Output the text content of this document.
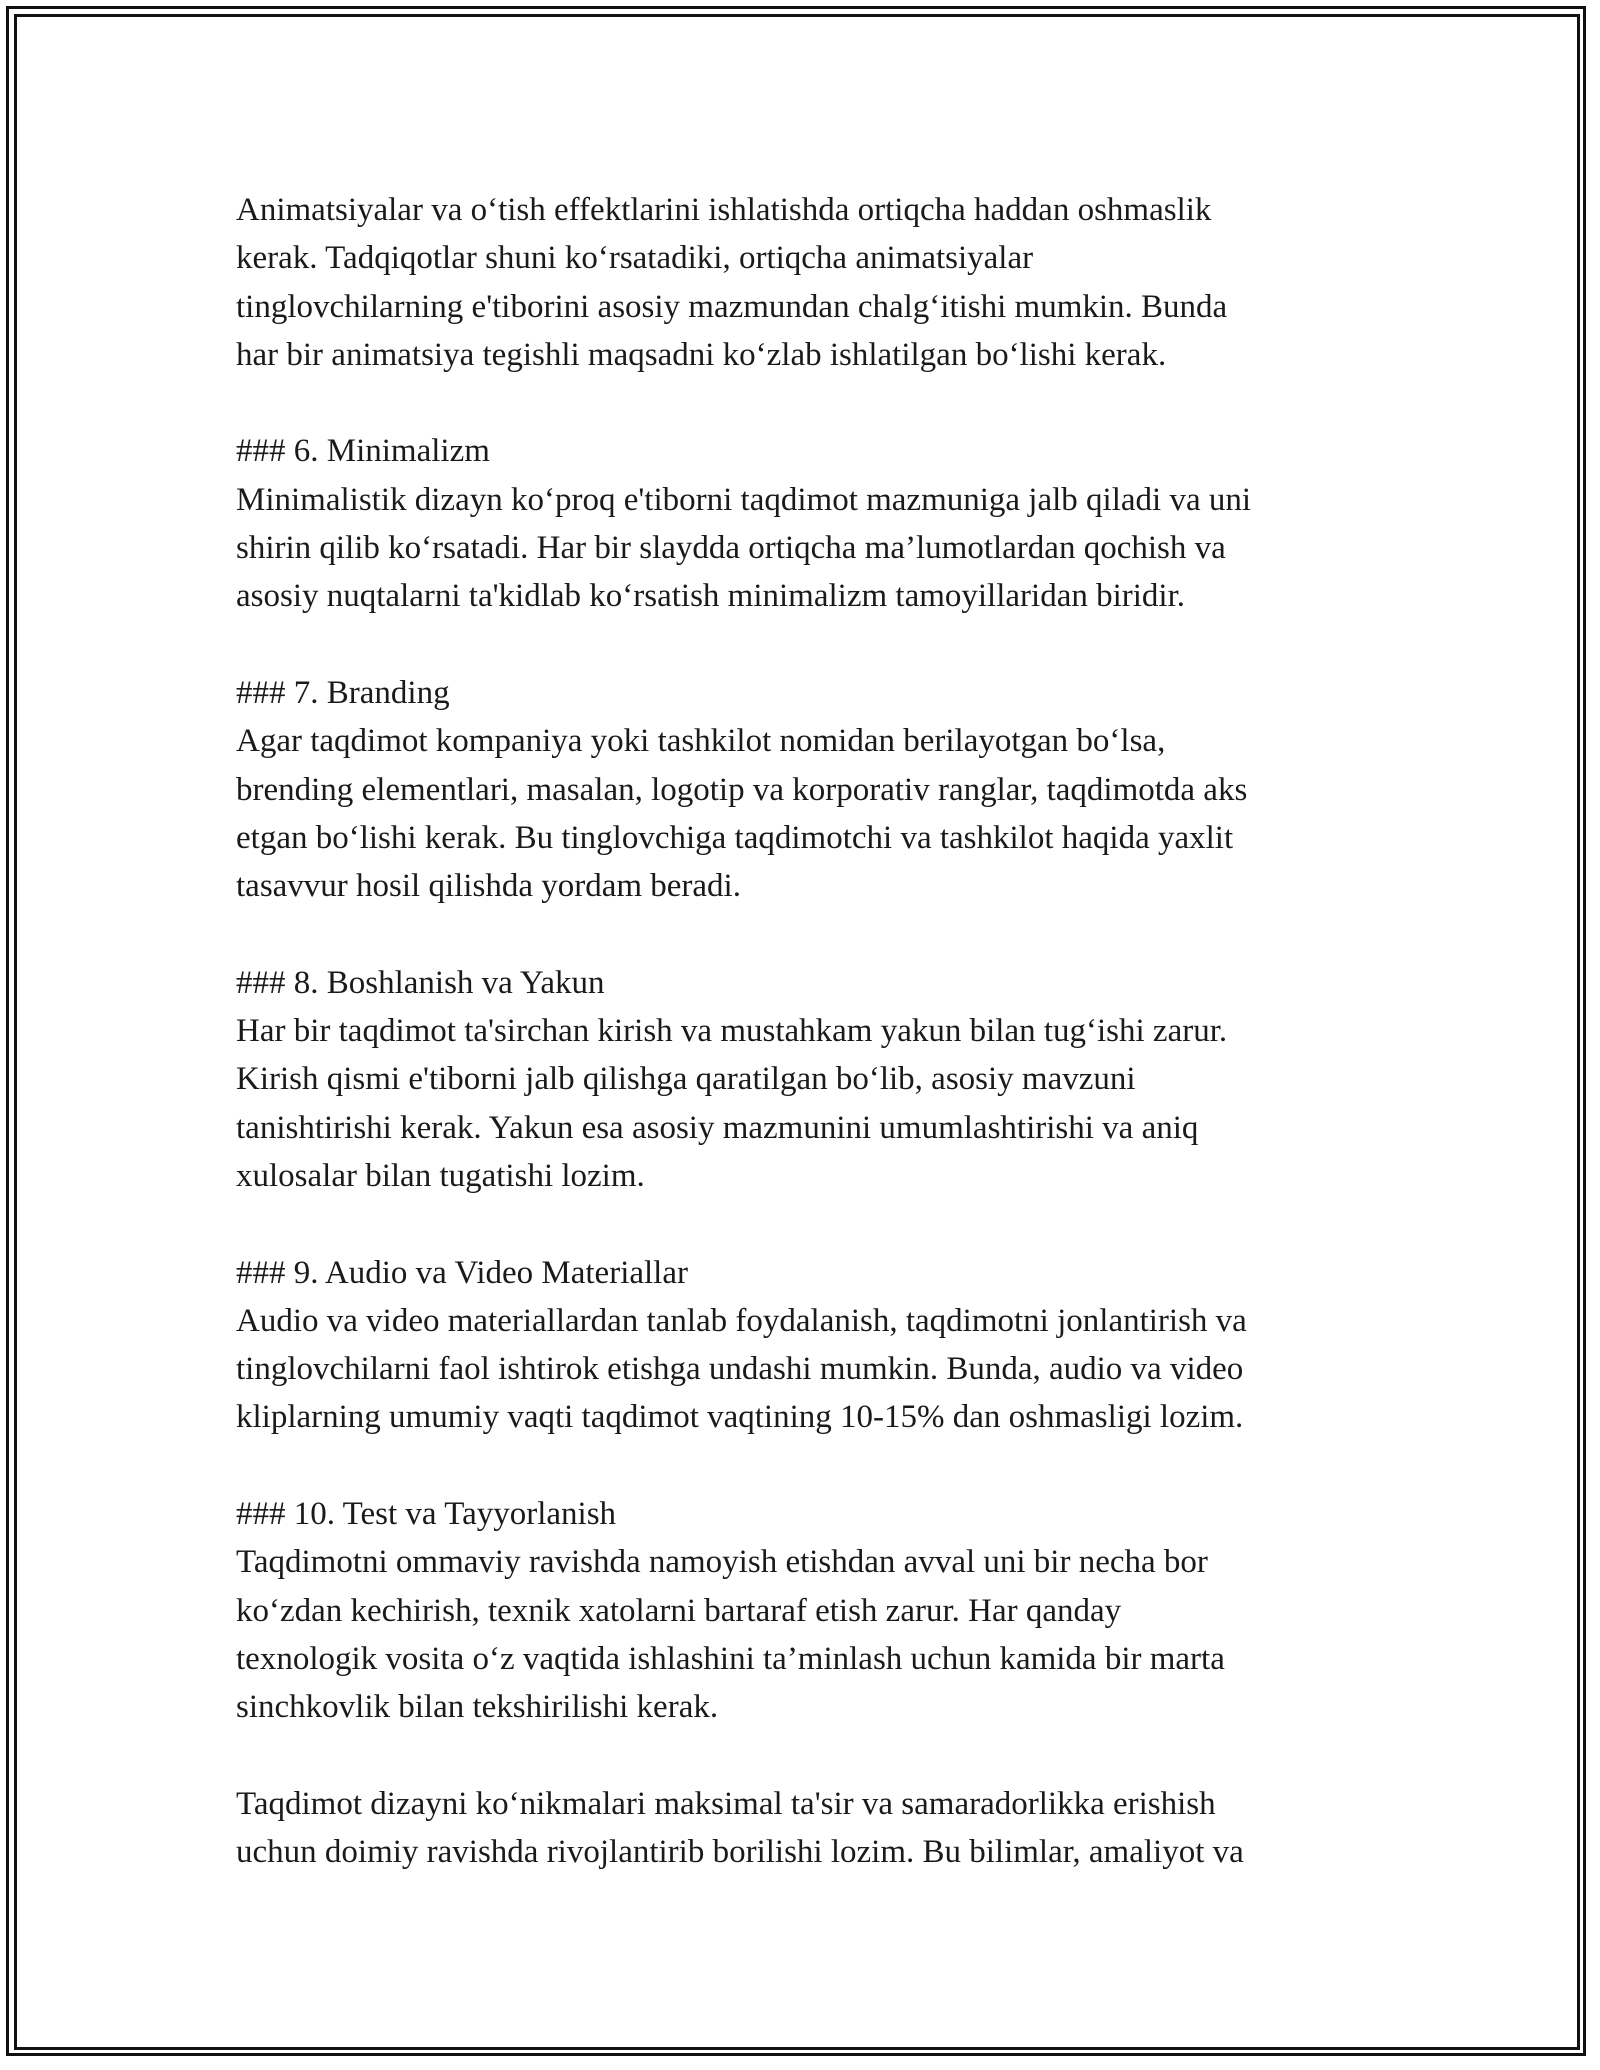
Animatsiyalar va o‘tish effektlarini ishlatishda ortiqcha haddan oshmaslik
kerak. Tadqiqotlar shuni ko‘rsatadiki, ortiqcha animatsiyalar
tinglovchilarning e'tiborini asosiy mazmundan chalg‘itishi mumkin. Bunda
har bir animatsiya tegishli maqsadni ko‘zlab ishlatilgan bo‘lishi kerak.
### 6. Minimalizm
Minimalistik dizayn ko‘proq e'tiborni taqdimot mazmuniga jalb qiladi va uni
shirin qilib ko‘rsatadi. Har bir slaydda ortiqcha ma’lumotlardan qochish va
asosiy nuqtalarni ta'kidlab ko‘rsatish minimalizm tamoyillaridan biridir.
### 7. Branding
Agar taqdimot kompaniya yoki tashkilot nomidan berilayotgan bo‘lsa,
brending elementlari, masalan, logotip va korporativ ranglar, taqdimotda aks
etgan bo‘lishi kerak. Bu tinglovchiga taqdimotchi va tashkilot haqida yaxlit
tasavvur hosil qilishda yordam beradi.
### 8. Boshlanish va Yakun
Har bir taqdimot ta'sirchan kirish va mustahkam yakun bilan tug‘ishi zarur.
Kirish qismi e'tiborni jalb qilishga qaratilgan bo‘lib, asosiy mavzuni
tanishtirishi kerak. Yakun esa asosiy mazmunini umumlashtirishi va aniq
xulosalar bilan tugatishi lozim.
### 9. Audio va Video Materiallar
Audio va video materiallardan tanlab foydalanish, taqdimotni jonlantirish va
tinglovchilarni faol ishtirok etishga undashi mumkin. Bunda, audio va video
kliplarning umumiy vaqti taqdimot vaqtining 10-15% dan oshmasligi lozim.
### 10. Test va Tayyorlanish
Taqdimotni ommaviy ravishda namoyish etishdan avval uni bir necha bor
ko‘zdan kechirish, texnik xatolarni bartaraf etish zarur. Har qanday
texnologik vosita o‘z vaqtida ishlashini ta’minlash uchun kamida bir marta
sinchkovlik bilan tekshirilishi kerak.
Taqdimot dizayni ko‘nikmalari maksimal ta'sir va samaradorlikka erishish
uchun doimiy ravishda rivojlantirib borilishi lozim. Bu bilimlar, amaliyot va
